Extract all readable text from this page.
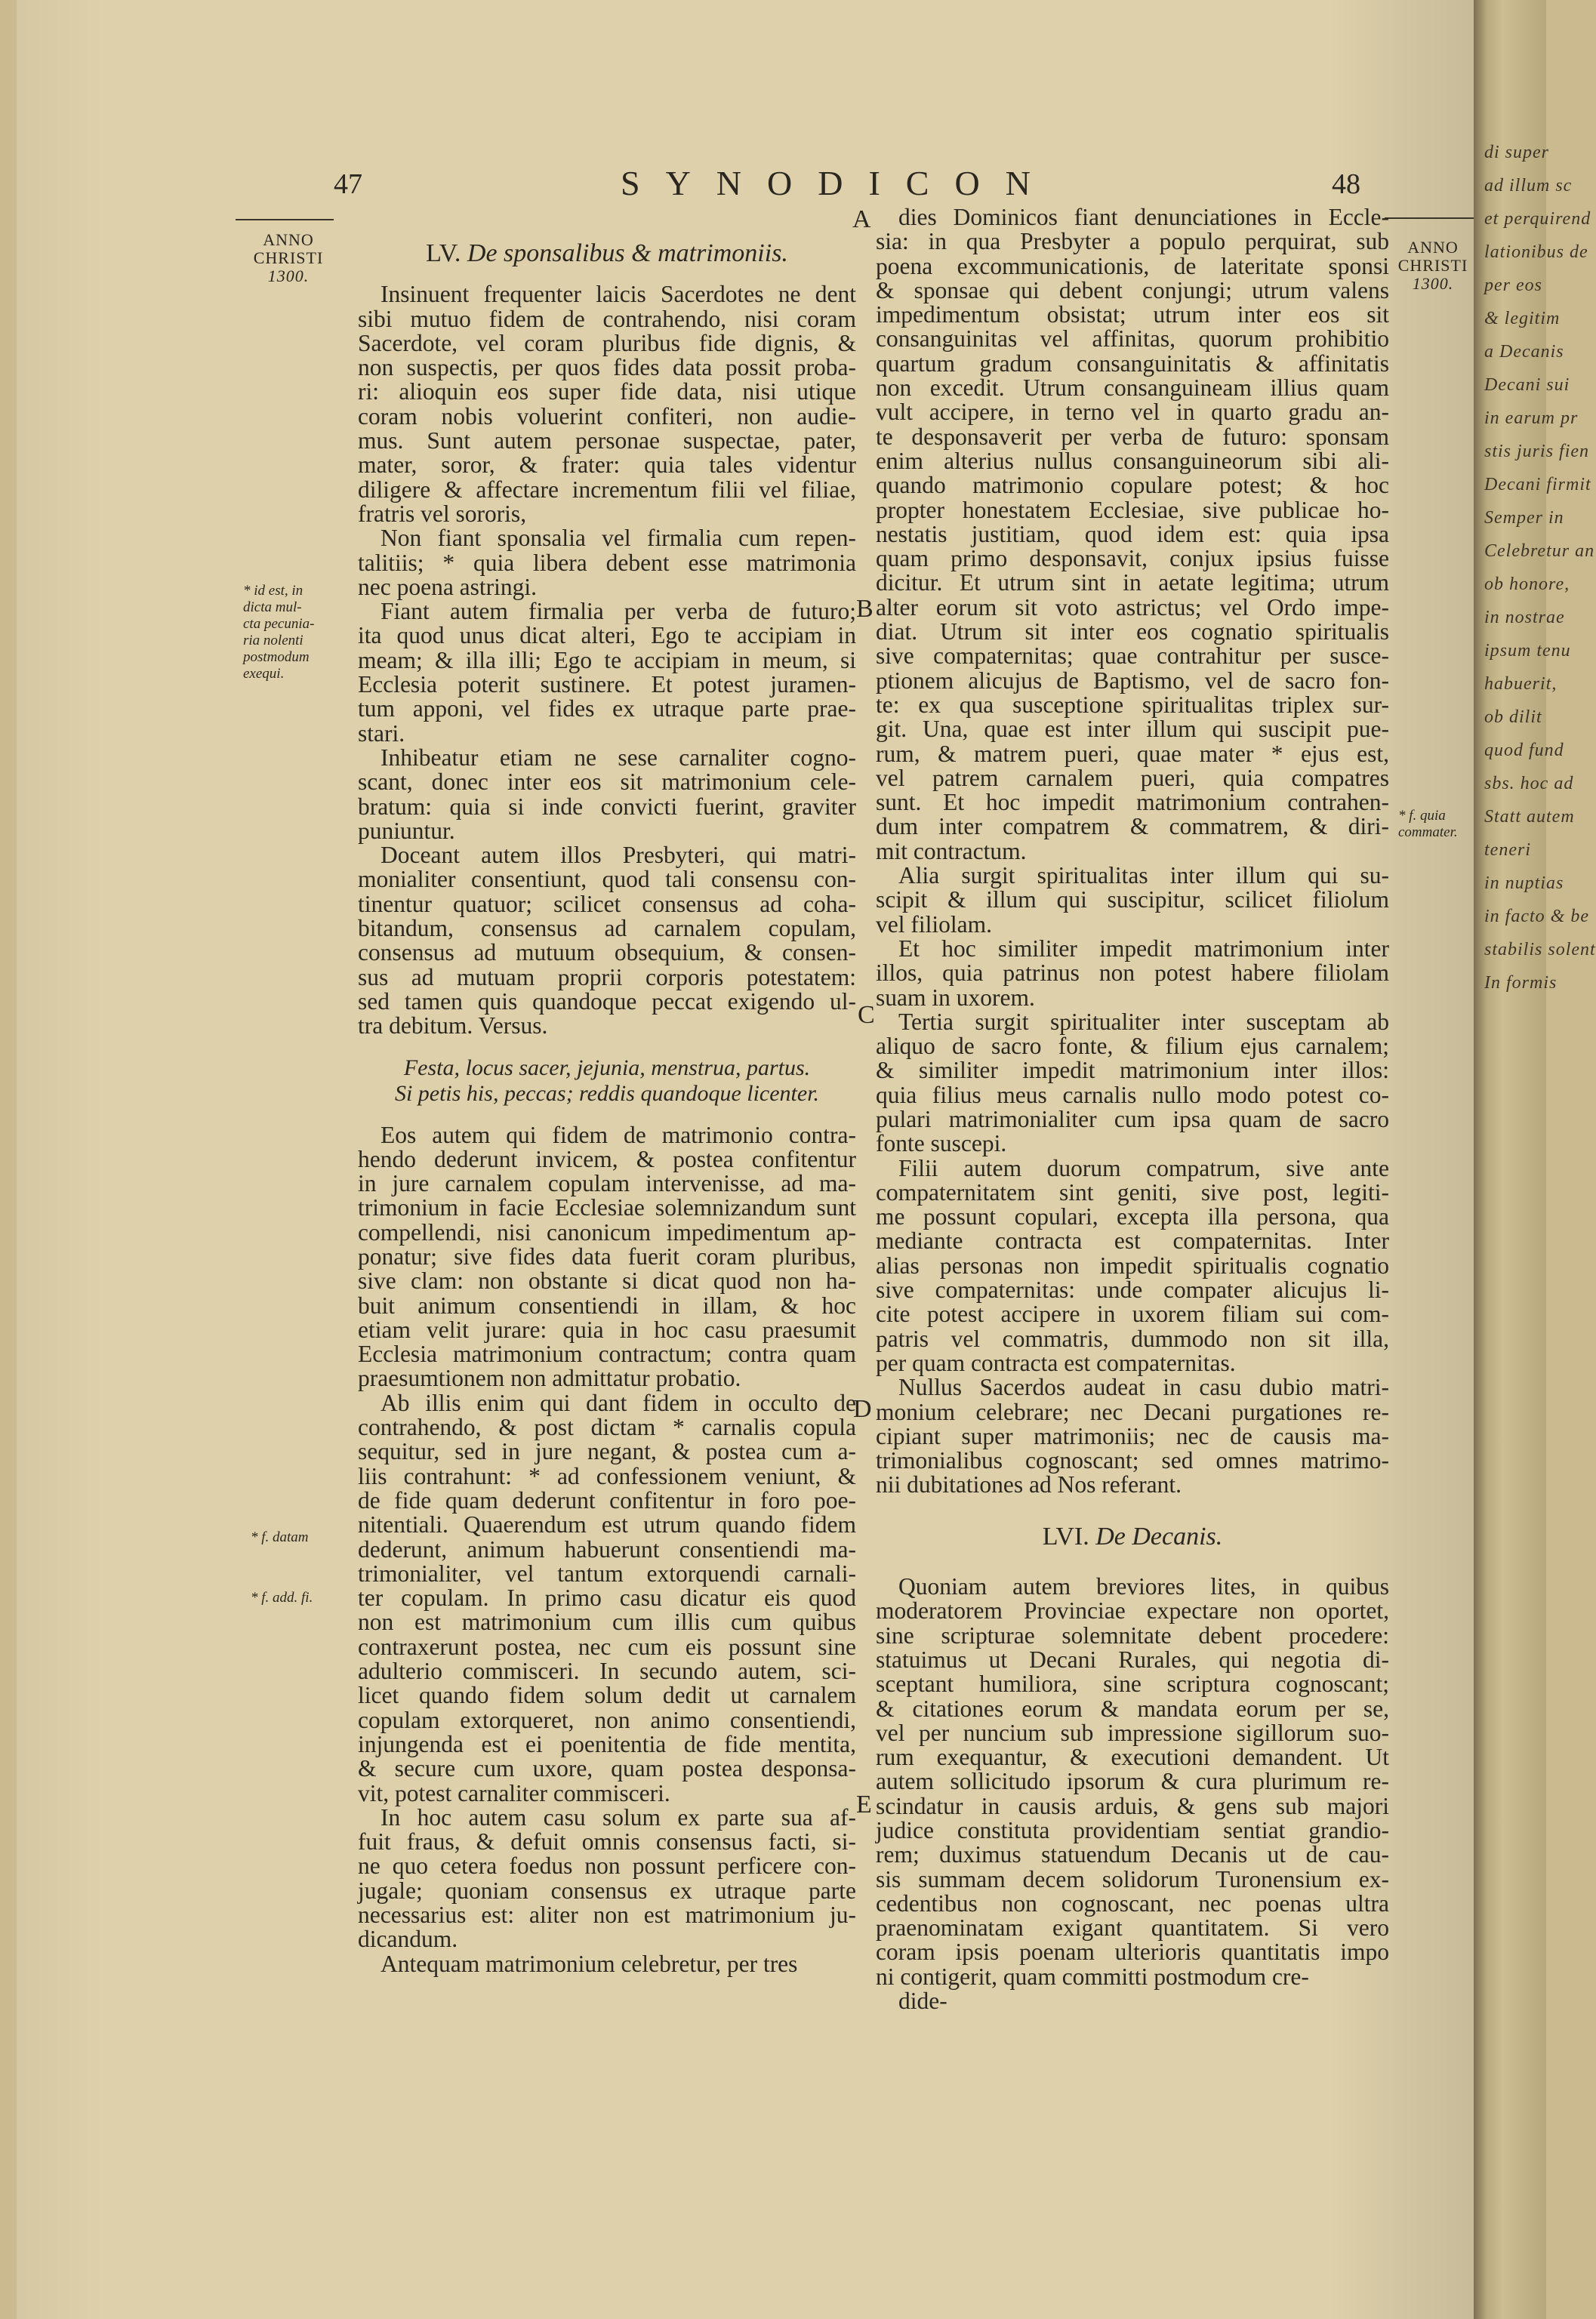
47	SYNODICON	48
ANNO
CHRISTI
1300.
ANNO
CHRISTI
1300.
LV. De sponsalibus & matrimoniis.

Insinuent frequenter laicis Sacerdotes ne dent
sibi mutuo fidem de contrahendo, nisi coram
Sacerdote, vel coram pluribus fide dignis, &
non suspectis, per quos fides data possit proba-
ri: alioquin eos super fide data, nisi utique
coram nobis voluerint confiteri, non audie-
mus. Sunt autem personae suspectae, pater,
mater, soror, & frater: quia tales videntur
diligere & affectare incrementum filii vel filiae,
fratris vel sororis,

Non fiant sponsalia vel firmalia cum repen-
talitiis; * quia libera debent esse matrimonia
nec poena astringi.

Fiant autem firmalia per verba de futuro;
ita quod unus dicat alteri, Ego te accipiam in
meam; & illa illi; Ego te accipiam in meum, si
Ecclesia poterit sustinere. Et potest juramen-
tum apponi, vel fides ex utraque parte prae-
stari.

Inhibeatur etiam ne sese carnaliter cogno-
scant, donec inter eos sit matrimonium cele-
bratum: quia si inde convicti fuerint, graviter
puniuntur.

Doceant autem illos Presbyteri, qui matri-
monialiter consentiunt, quod tali consensu con-
tinentur quatuor; scilicet consensus ad coha-
bitandum, consensus ad carnalem copulam,
consensus ad mutuum obsequium, & consen-
sus ad mutuam proprii corporis potestatem:
sed tamen quis quandoque peccat exigendo ul-
tra debitum. Versus.

Festa, locus sacer, jejunia, menstrua, partus.
Si petis his, peccas; reddis quandoque licenter.

Eos autem qui fidem de matrimonio contra-
hendo dederunt invicem, & postea confitentur
in jure carnalem copulam intervenisse, ad ma-
trimonium in facie Ecclesiae solemnizandum sunt
compellendi, nisi canonicum impedimentum ap-
ponatur; sive fides data fuerit coram pluribus,
sive clam: non obstante si dicat quod non ha-
buit animum consentiendi in illam, & hoc
etiam velit jurare: quia in hoc casu praesumit
Ecclesia matrimonium contractum; contra quam
praesumtionem non admittatur probatio.

Ab illis enim qui dant fidem in occulto de
contrahendo, & post dictam * carnalis copula
sequitur, sed in jure negant, & postea cum a-
liis contrahunt: * ad confessionem veniunt, &
de fide quam dederunt confitentur in foro poe-
nitentiali. Quaerendum est utrum quando fidem
dederunt, animum habuerunt consentiendi ma-
trimonialiter, vel tantum extorquendi carnali-
ter copulam. In primo casu dicatur eis quod
non est matrimonium cum illis cum quibus
contraxerunt postea, nec cum eis possunt sine
adulterio commisceri. In secundo autem, sci-
licet quando fidem solum dedit ut carnalem
copulam extorqueret, non animo consentiendi,
injungenda est ei poenitentia de fide mentita,
& secure cum uxore, quam postea desponsa-
vit, potest carnaliter commisceri.

In hoc autem casu solum ex parte sua af-
fuit fraus, & defuit omnis consensus facti, si-
ne quo cetera foedus non possunt perficere con-
jugale; quoniam consensus ex utraque parte
necessarius est: aliter non est matrimonium ju-
dicandum.

Antequam matrimonium celebretur, per tres

dies Dominicos fiant denunciationes in Eccle-
sia: in qua Presbyter a populo perquirat, sub
poena excommunicationis, de lateritate sponsi
& sponsae qui debent conjungi; utrum valens
impedimentum obsistat; utrum inter eos sit
consanguinitas vel affinitas, quorum prohibitio
quartum gradum consanguinitatis & affinitatis
non excedit. Utrum consanguineam illius quam
vult accipere, in terno vel in quarto gradu an-
te desponsaverit per verba de futuro: sponsam
enim alterius nullus consanguineorum sibi ali-
quando matrimonio copulare potest; & hoc
propter honestatem Ecclesiae, sive publicae ho-
nestatis justitiam, quod idem est: quia ipsa
quam primo desponsavit, conjux ipsius fuisse
dicitur. Et utrum sint in aetate legitima; utrum
alter eorum sit voto astrictus; vel Ordo impe-
diat. Utrum sit inter eos cognatio spiritualis
sive compaternitas; quae contrahitur per susce-
ptionem alicujus de Baptismo, vel de sacro fon-
te: ex qua susceptione spiritualitas triplex sur-
git. Una, quae est inter illum qui suscipit pue-
rum, & matrem pueri, quae mater * ejus est,
vel patrem carnalem pueri, quia compatres
sunt. Et hoc impedit matrimonium contrahen-
dum inter compatrem & commatrem, & diri-
mit contractum.

Alia surgit spiritualitas inter illum qui su-
scipit & illum qui suscipitur, scilicet filiolum
vel filiolam.

Et hoc similiter impedit matrimonium inter
illos, quia patrinus non potest habere filiolam
suam in uxorem.

Tertia surgit spiritualiter inter susceptam ab
aliquo de sacro fonte, & filium ejus carnalem;
& similiter impedit matrimonium inter illos:
quia filius meus carnalis nullo modo potest co-
pulari matrimonialiter cum ipsa quam de sacro
fonte suscepi.

Filii autem duorum compatrum, sive ante
compaternitatem sint geniti, sive post, legiti-
me possunt copulari, excepta illa persona, qua
mediante contracta est compaternitas. Inter
alias personas non impedit spiritualis cognatio
sive compaternitas: unde compater alicujus li-
cite potest accipere in uxorem filiam sui com-
patris vel commatris, dummodo non sit illa,
per quam contracta est compaternitas.

Nullus Sacerdos audeat in casu dubio matri-
monium celebrare; nec Decani purgationes re-
cipiant super matrimoniis; nec de causis ma-
trimonialibus cognoscant; sed omnes matrimo-
nii dubitationes ad Nos referant.

LVI. De Decanis.

Quoniam autem breviores lites, in quibus
moderatorem Provinciae expectare non oportet,
sine scripturae solemnitate debent procedere:
statuimus ut Decani Rurales, qui negotia di-
sceptant humiliora, sine scriptura cognoscant;
& citationes eorum & mandata eorum per se,
vel per nuncium sub impressione sigillorum suo-
rum exequantur, & executioni demandent. Ut
autem sollicitudo ipsorum & cura plurimum re-
scindatur in causis arduis, & gens sub majori
judice constituta providentiam sentiat grandio-
rem; duximus statuendum Decanis ut de cau-
sis summam decem solidorum Turonensium ex-
cedentibus non cognoscant, nec poenas ultra
praenominatam exigant quantitatem. Si vero
coram ipsis poenam ulterioris quantitatis impo
ni contigerit, quam committi postmodum cre-

dide-

* id est, in
dicta mul-
cta pecunia-
ria nolenti
postmodum
exequi.
* f. datam
* f. add. fi.
* f. quia
commater.
A
B
C
D
E
di super
ad illum sc
et perquirend
lationibus de
per eos
& legitim
a Decanis
Decani sui
in earum pr
stis juris fien
Decani firmit
Semper in
Celebretur an
ob honore,
in nostrae
ipsum tenu
habuerit,
ob dilit
quod fund
sbs. hoc ad
Statt autem
teneri
in nuptias
in facto & be
stabilis solent
In formis
